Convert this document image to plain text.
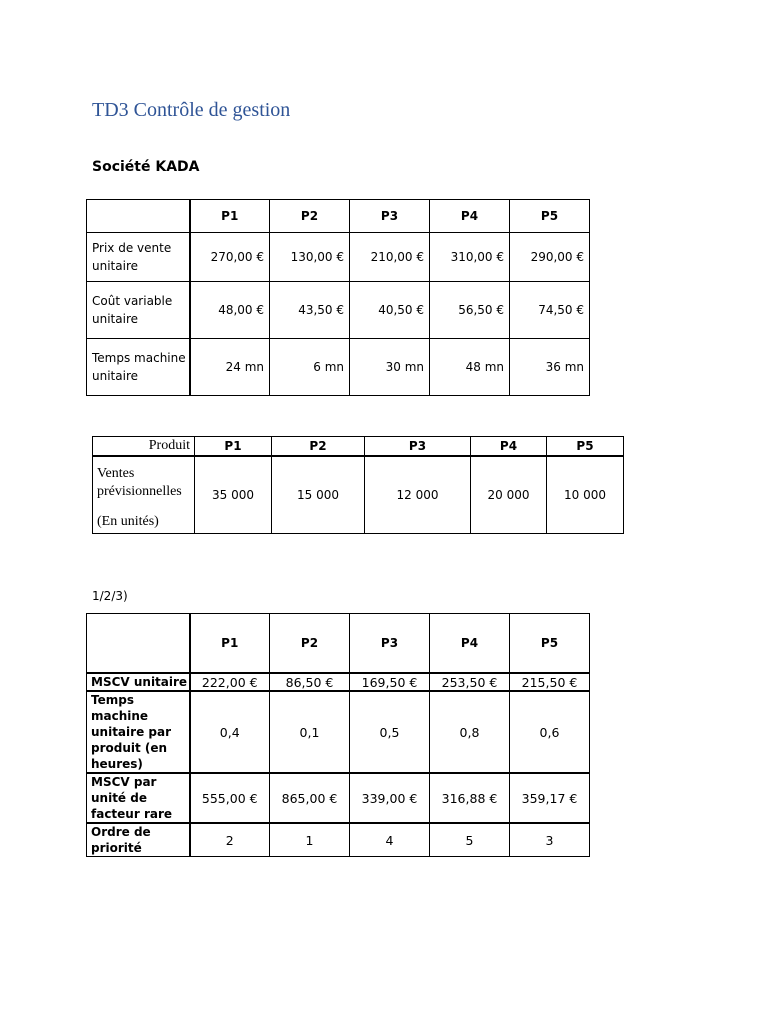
TD3 Contrôle de gestion
Société KADA
	P1	P2	P3	P4	P5
Prix de vente unitaire	270,00 €	130,00 €	210,00 €	310,00 €	290,00 €
Coût variable unitaire	48,00 €	43,50 €	40,50 €	56,50 €	74,50 €
Temps machine unitaire	24 mn	6 mn	30 mn	48 mn	36 mn
Produit	P1	P2	P3	P4	P5
Ventes
prévisionnelles
(En unités)	35 000	15 000	12 000	20 000	10 000
1/2/3)
	P1	P2	P3	P4	P5
MSCV unitaire	222,00 €	86,50 €	169,50 €	253,50 €	215,50 €
Temps machine unitaire par produit (en heures)	0,4	0,1	0,5	0,8	0,6
MSCV par unité de facteur rare	555,00 €	865,00 €	339,00 €	316,88 €	359,17 €
Ordre de priorité	2	1	4	5	3
